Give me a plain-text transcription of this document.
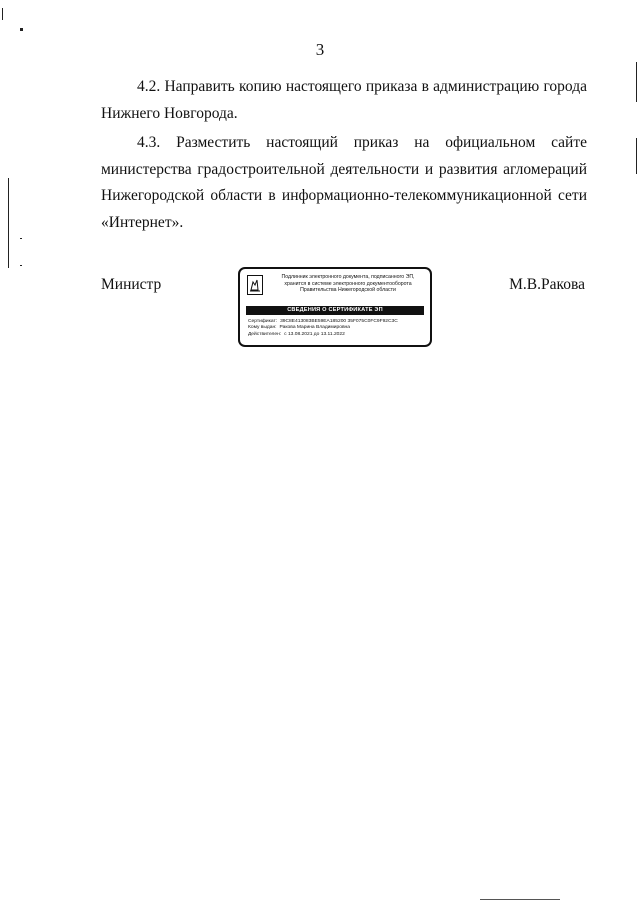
3
4.2. Направить копию настоящего приказа в администрацию города Нижнего Новгорода.
4.3. Разместить настоящий приказ на официальном сайте министерства градостроительной деятельности и развития агломераций Нижегородской области в информационно-телекоммуникационной сети «Интернет».
Министр	Подлинник электронного документа, подписанного ЭП,
хранится в системе электронного документооборота
Правительства Нижегородской области
СВЕДЕНИЯ О СЕРТИФИКАТЕ ЭП
Сертификат: 39C8E413083BE59EA185200 35F075C0FC9F92C3C
Кому выдан: Ракова Марина Владимировна
Действителен: с 13.08.2021 до 13.11.2022
М.В.Ракова
